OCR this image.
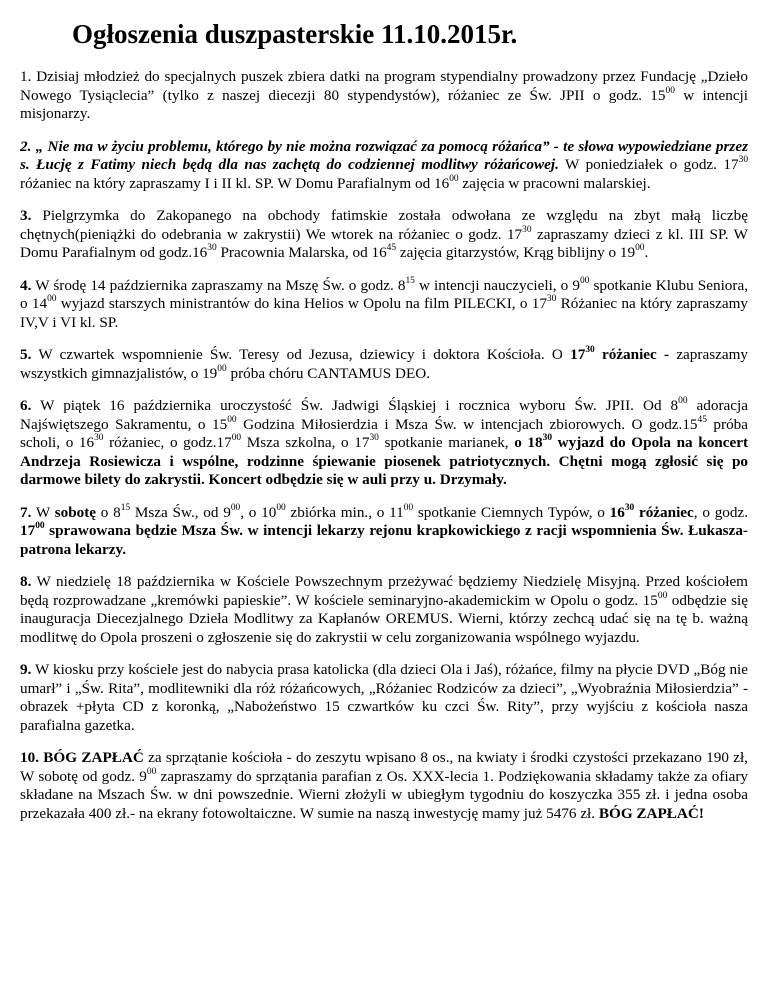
Ogłoszenia duszpasterskie 11.10.2015r.

1. Dzisiaj młodzież do specjalnych puszek zbiera datki na program stypendialny prowadzony przez Fundację „Dzieło Nowego Tysiąclecia” (tylko z naszej diecezji 80 stypendystów), różaniec ze Św. JPII o godz. $15^{00}$ w intencji misjonarzy.

2. „ Nie ma w życiu problemu, którego by nie można rozwiązać za pomocą różańca” - te słowa wypowiedziane przez s. Łucję z Fatimy niech będą dla nas zachętą do codziennej modlitwy różańcowej. W poniedziałek o godz. $17^{30}$ różaniec na który zapraszamy I i II kl. SP. W Domu Parafialnym od $16^{00}$ zajęcia w pracowni malarskiej.

3. Pielgrzymka do Zakopanego na obchody fatimskie została odwołana ze względu na zbyt małą liczbę chętnych(pieniążki do odebrania w zakrystii) We wtorek na różaniec o godz. $17^{30}$ zapraszamy dzieci z kl. III SP. W Domu Parafialnym od $godz.16^{30}$ Pracownia Malarska, od $16^{45}$ zajęcia gitarzystów, Krąg biblijny o $19^{00}$.

4. W środę 14 października zapraszamy na Mszę Św. o godz. $8^{15}$ w intencji nauczycieli, o $9^{00}$ spotkanie Klubu Seniora, o $14^{00}$ wyjazd starszych ministrantów do kina Helios w Opolu na film PILECKI, o $17^{30}$ Różaniec na który zapraszamy IV,V i VI kl. SP.

5. W czwartek wspomnienie Św. Teresy od Jezusa, dziewicy i doktora Kościoła. O $17^{30}$ różaniec - zapraszamy wszystkich gimnazjalistów, o $19^{00}$ próba chóru CANTAMUS DEO.

6. W piątek 16 października uroczystość Św. Jadwigi Śląskiej i rocznica wyboru Św. JPII. Od $8^{00}$ adoracja Najświętszego Sakramentu, o $15^{00}$ Godzina Miłosierdzia i Msza Św. w intencjach zbiorowych. O $godz.15^{45}$ próba scholi, o $16^{30}$ różaniec, o $godz.17^{00}$ Msza szkolna, o $17^{30}$ spotkanie marianek, o $18^{30}$ wyjazd do Opola na koncert Andrzeja Rosiewicza i wspólne, rodzinne śpiewanie piosenek patriotycznych. Chętni mogą zgłosić się po darmowe bilety do zakrystii. Koncert odbędzie się w auli przy u. Drzymały.

7. W sobotę o $8^{15}$ Msza Św., od $9^{00}$, o $10^{00}$ zbiórka min., o $11^{00}$ spotkanie Ciemnych Typów, o $16^{30}$ różaniec, o godz. $17^{00}$ sprawowana będzie Msza Św. w intencji lekarzy rejonu krapkowickiego z racji wspomnienia Św. Łukasza-patrona lekarzy.

8. W niedzielę 18 października w Kościele Powszechnym przeżywać będziemy Niedzielę Misyjną. Przed kościołem będą rozprowadzane „kremówki papieskie”. W kościele seminaryjno-akademickim w Opolu o godz. $15^{00}$ odbędzie się inauguracja Diecezjalnego Dzieła Modlitwy za Kapłanów OREMUS. Wierni, którzy zechcą udać się na tę b. ważną modlitwę do Opola proszeni o zgłoszenie się do zakrystii w celu zorganizowania wspólnego wyjazdu.

9. W kiosku przy kościele jest do nabycia prasa katolicka (dla dzieci Ola i Jaś), różańce, filmy na płycie DVD „Bóg nie umarł” i „Św. Rita”, modlitewniki dla róż różańcowych, „Różaniec Rodziców za dzieci”, „Wyobraźnia Miłosierdzia” - obrazek +płyta CD z koronką, „Nabożeństwo 15 czwartków ku czci Św. Rity”, przy wyjściu z kościoła nasza parafialna gazetka.

10. BÓG ZAPŁAĆ za sprzątanie kościoła - do zeszytu wpisano 8 os., na kwiaty i środki czystości przekazano 190 zł, W sobotę od godz. $9^{00}$ zapraszamy do sprzątania parafian z Os. XXX-lecia 1. Podziękowania składamy także za ofiary składane na Mszach Św. w dni powszednie. Wierni złożyli w ubiegłym tygodniu do koszyczka 355 zł. i jedna osoba przekazała 400 zł.- na ekrany fotowoltaiczne. W sumie na naszą inwestycję mamy już 5476 zł. BÓG ZAPŁAĆ!
